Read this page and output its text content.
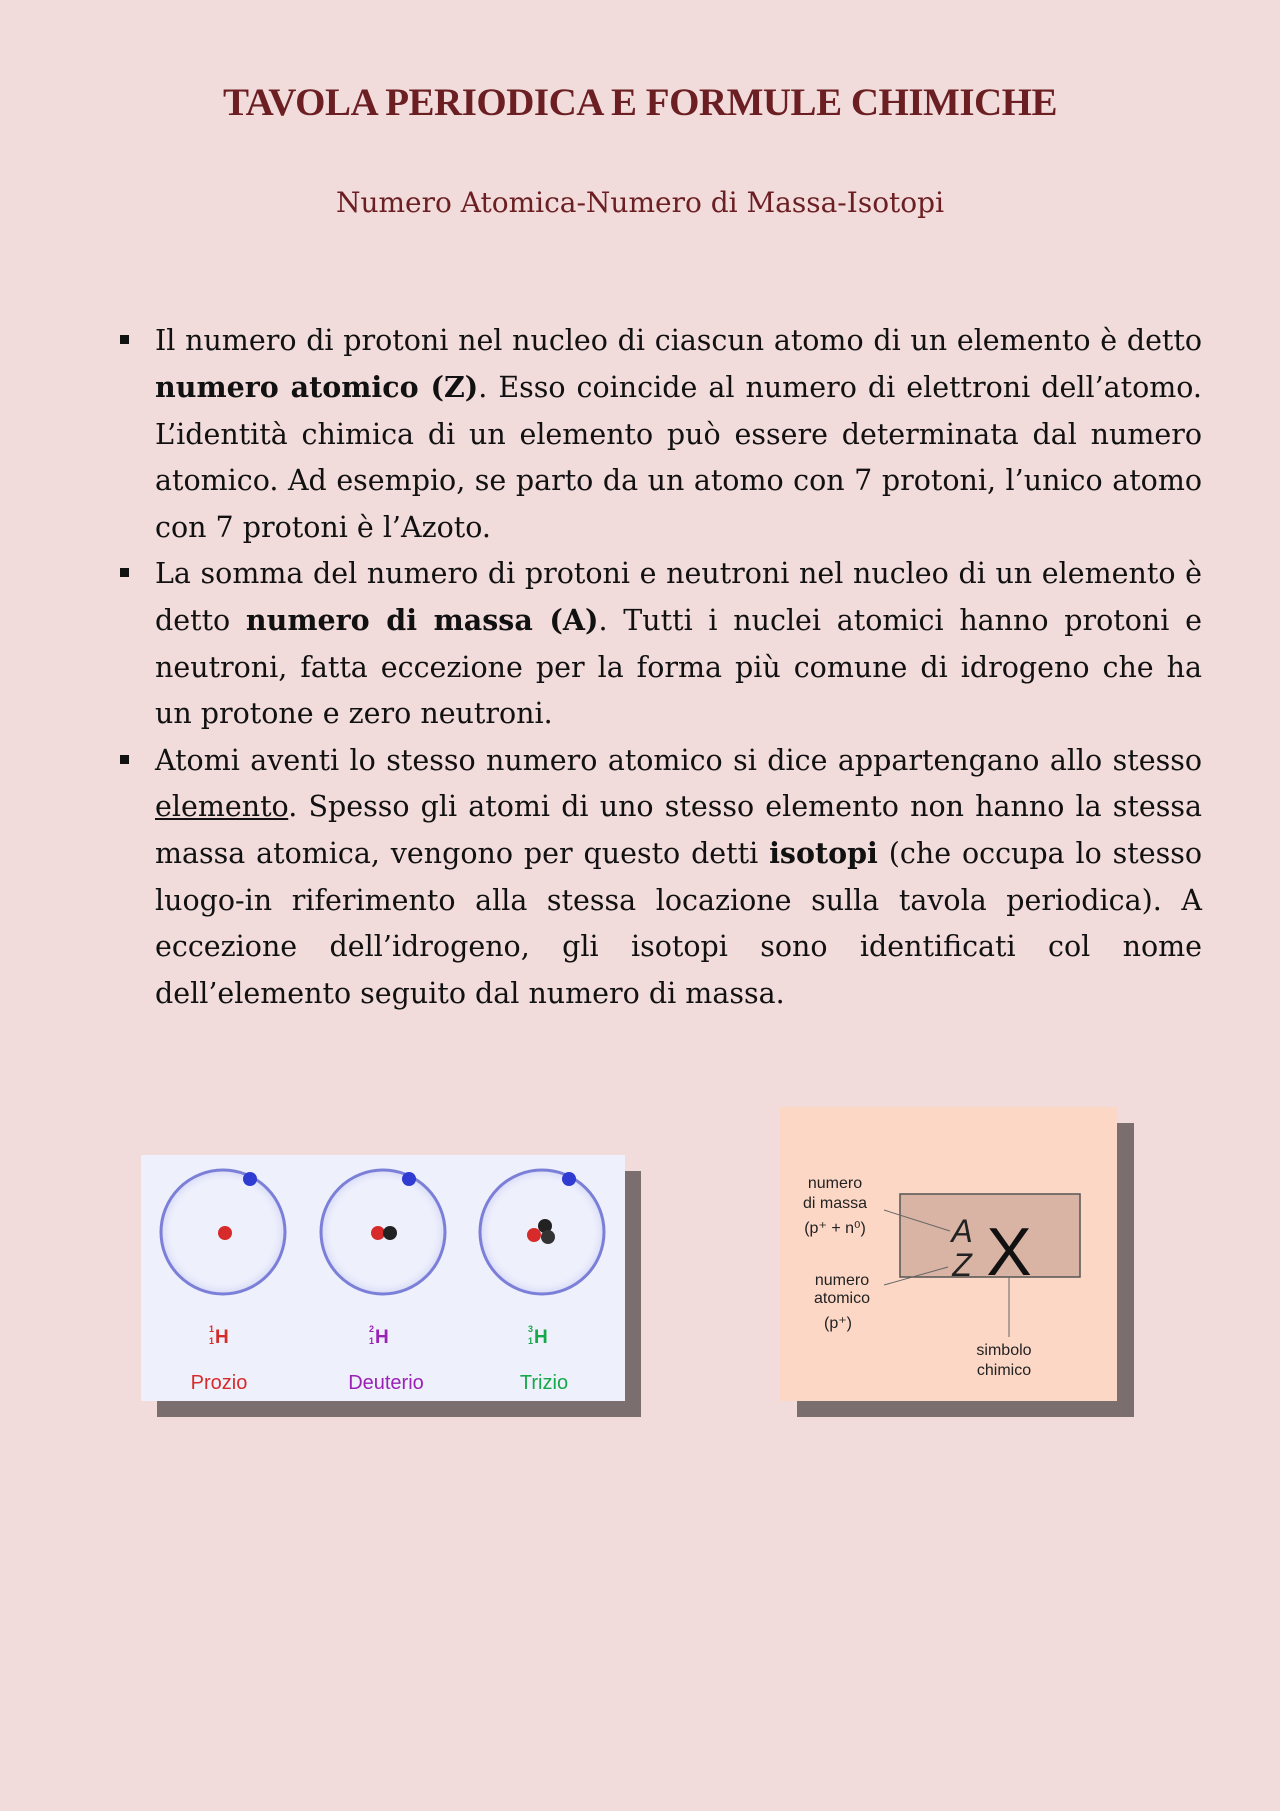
TAVOLA PERIODICA E FORMULE CHIMICHE
Numero Atomica-Numero di Massa-Isotopi
Il numero di protoni nel nucleo di ciascun atomo di un elemento è detto numero atomico (Z). Esso coincide al numero di elettroni dell’atomo. L’identità chimica di un elemento può essere determinata dal numero atomico. Ad esempio, se parto da un atomo con 7 protoni, l’unico atomo con 7 protoni è l’Azoto.
La somma del numero di protoni e neutroni nel nucleo di un elemento è detto numero di massa (A). Tutti i nuclei atomici hanno protoni e neutroni, fatta eccezione per la forma più comune di idrogeno che ha un protone e zero neutroni.
Atomi aventi lo stesso numero atomico si dice appartengano allo stesso elemento. Spesso gli atomi di uno stesso elemento non hanno la stessa massa atomica, vengono per questo detti isotopi (che occupa lo stesso luogo-in riferimento alla stessa locazione sulla tavola periodica). A eccezione dell’idrogeno, gli isotopi sono identificati col nome dell’elemento seguito dal numero di massa.
1
1 H	2
1 H	3
1 H
Prozio	Deuterio	Trizio
numero
di massa
(p⁺ + n⁰)
numero
atomico
(p⁺)
simbolo
chimico
A
Z X
